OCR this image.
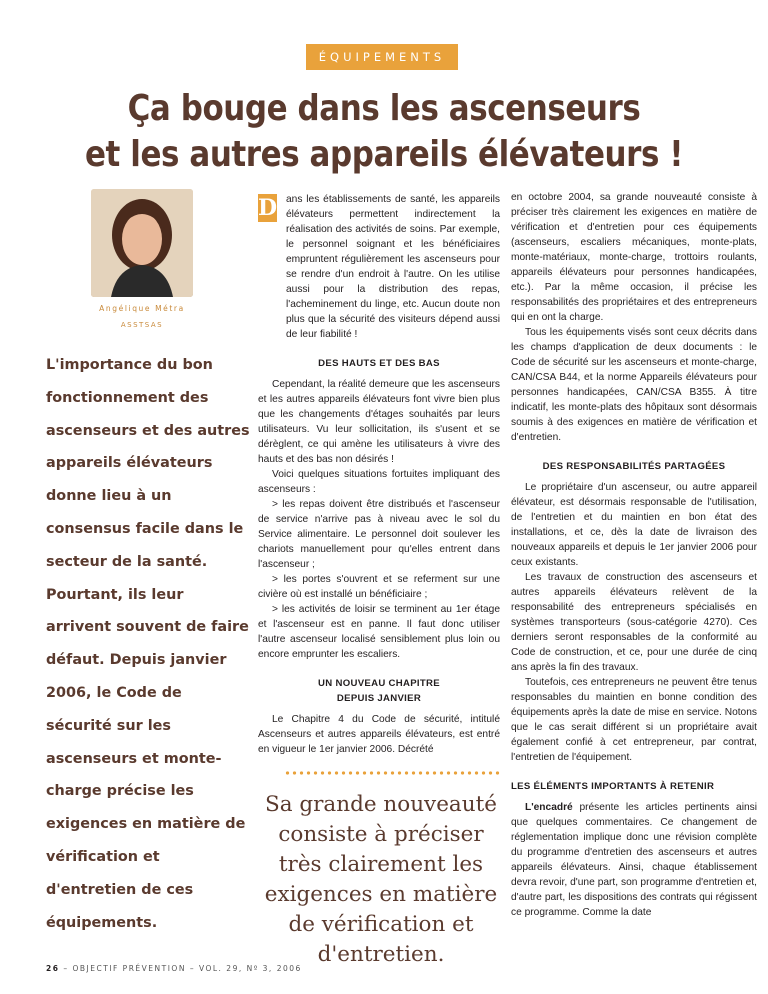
ÉQUIPEMENTS
Ça bouge dans les ascenseurs
et les autres appareils élévateurs !
Angélique Métra
ASSTSAS
L'importance du bon fonctionnement des ascenseurs et des autres appareils élévateurs donne lieu à un consensus facile dans le secteur de la santé. Pourtant, ils leur arrivent souvent de faire défaut. Depuis janvier 2006, le Code de sécurité sur les ascenseurs et monte-charge précise les exigences en matière de vérification et d'entretien de ces équipements.
D ans les établissements de santé, les appareils élévateurs permettent indirectement la réalisation des activités de soins. Par exemple, le personnel soignant et les bénéficiaires empruntent régulièrement les ascenseurs pour se rendre d'un endroit à l'autre. On les utilise aussi pour la distribution des repas, l'acheminement du linge, etc. Aucun doute non plus que la sécurité des visiteurs dépend aussi de leur fiabilité !

DES HAUTS ET DES BAS

Cependant, la réalité demeure que les ascenseurs et les autres appareils élévateurs font vivre bien plus que les changements d'étages souhaités par leurs utilisateurs. Vu leur sollicitation, ils s'usent et se dérèglent, ce qui amène les utilisateurs à vivre des hauts et des bas non désirés !

Voici quelques situations fortuites impliquant des ascenseurs :

> les repas doivent être distribués et l'ascenseur de service n'arrive pas à niveau avec le sol du Service alimentaire. Le personnel doit soulever les chariots manuellement pour qu'elles entrent dans l'ascenseur ;

> les portes s'ouvrent et se referment sur une civière où est installé un bénéficiaire ;

> les activités de loisir se terminent au 1er étage et l'ascenseur est en panne. Il faut donc utiliser l'autre ascenseur localisé sensiblement plus loin ou encore emprunter les escaliers.

UN NOUVEAU CHAPITRE
DEPUIS JANVIER

Le Chapitre 4 du Code de sécurité, intitulé Ascenseurs et autres appareils élévateurs, est entré en vigueur le 1er janvier 2006. Décrété

Sa grande nouveauté consiste à préciser très clairement les exigences en matière de vérification et d'entretien.

en octobre 2004, sa grande nouveauté consiste à préciser très clairement les exigences en matière de vérification et d'entretien pour ces équipements (ascenseurs, escaliers mécaniques, monte-plats, monte-matériaux, monte-charge, trottoirs roulants, appareils élévateurs pour personnes handicapées, etc.). Par la même occasion, il précise les responsabilités des propriétaires et des entrepreneurs qui en ont la charge.

Tous les équipements visés sont ceux décrits dans les champs d'application de deux documents : le Code de sécurité sur les ascenseurs et monte-charge, CAN/CSA B44, et la norme Appareils élévateurs pour personnes handicapées, CAN/CSA B355. À titre indicatif, les monte-plats des hôpitaux sont désormais soumis à des exigences en matière de vérification et d'entretien.

DES RESPONSABILITÉS PARTAGÉES

Le propriétaire d'un ascenseur, ou autre appareil élévateur, est désormais responsable de l'utilisation, de l'entretien et du maintien en bon état des installations, et ce, dès la date de livraison des nouveaux appareils et depuis le 1er janvier 2006 pour ceux existants.

Les travaux de construction des ascenseurs et autres appareils élévateurs relèvent de la responsabilité des entrepreneurs spécialisés en systèmes transporteurs (sous-catégorie 4270). Ces derniers seront responsables de la conformité au Code de construction, et ce, pour une durée de cinq ans après la fin des travaux.

Toutefois, ces entrepreneurs ne peuvent être tenus responsables du maintien en bonne condition des équipements après la date de mise en service. Notons que le cas serait différent si un propriétaire avait également confié à cet entrepreneur, par contrat, l'entretien de l'équipement.

LES ÉLÉMENTS IMPORTANTS À RETENIR

L'encadré présente les articles pertinents ainsi que quelques commentaires. Ce changement de réglementation implique donc une révision complète du programme d'entretien des ascenseurs et autres appareils élévateurs. Ainsi, chaque établissement devra revoir, d'une part, son programme d'entretien et, d'autre part, les dispositions des contrats qui régissent ce programme. Comme la date

26 – OBJECTIF PRÉVENTION – VOL. 29, Nº 3, 2006
